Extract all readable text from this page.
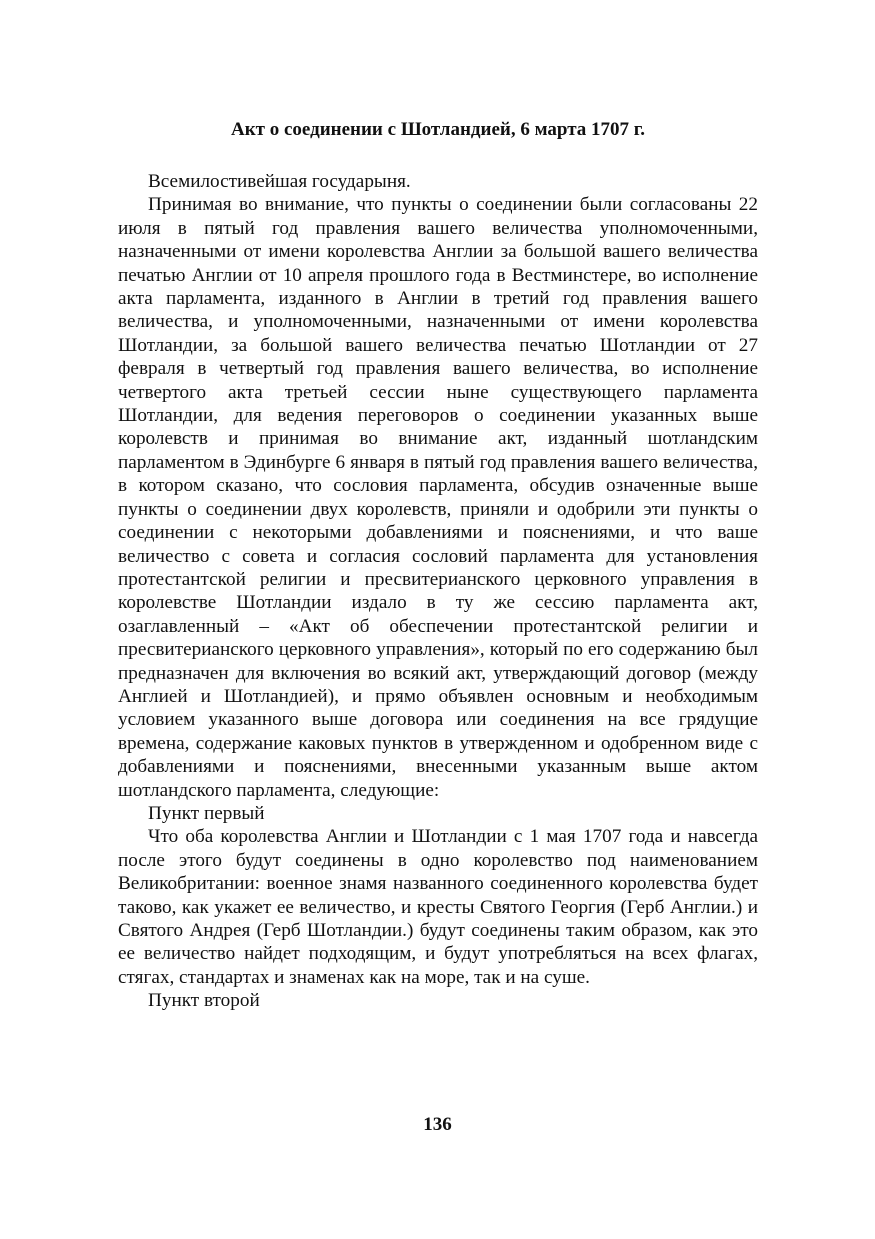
Акт о соединении с Шотландией, 6 марта 1707 г.

Всемилостивейшая государыня.

Принимая во внимание, что пункты о соединении были согласованы 22 июля в пятый год правления вашего величества уполномоченными, назначенными от имени королевства Англии за большой вашего величества печатью Англии от 10 апреля прошлого года в Вестминстере, во исполнение акта парламента, изданного в Англии в третий год правления вашего величества, и уполномоченными, назначенными от имени королевства Шотландии, за большой вашего величества печатью Шотландии от 27 февраля в четвертый год правления вашего величества, во исполнение четвертого акта третьей сессии ныне существующего парламента Шотландии, для ведения переговоров о соединении указанных выше королевств и принимая во внимание акт, изданный шотландским парламентом в Эдинбурге 6 января в пятый год правления вашего величества, в котором сказано, что сословия парламента, обсудив означенные выше пункты о соединении двух королевств, приняли и одобрили эти пункты о соединении с некоторыми добавлениями и пояснениями, и что ваше величество с совета и согласия сословий парламента для установления протестантской религии и пресвитерианского церковного управления в королевстве Шотландии издало в ту же сессию парламента акт, озаглавленный – «Акт об обеспечении протестантской религии и пресвитерианского церковного управления», который по его содержанию был предназначен для включения во всякий акт, утверждающий договор (между Англией и Шотландией), и прямо объявлен основным и необходимым условием указанного выше договора или соединения на все грядущие времена, содержание каковых пунктов в утвержденном и одобренном виде с добавлениями и пояснениями, внесенными указанным выше актом шотландского парламента, следующие:

Пункт первый

Что оба королевства Англии и Шотландии с 1 мая 1707 года и навсегда после этого будут соединены в одно королевство под наименованием Великобритании: военное знамя названного соединенного королевства будет таково, как укажет ее величество, и кресты Святого Георгия (Герб Англии.) и Святого Андрея (Герб Шотландии.) будут соединены таким образом, как это ее величество найдет подходящим, и будут употребляться на всех флагах, стягах, стандартах и знаменах как на море, так и на суше.

Пункт второй

136
